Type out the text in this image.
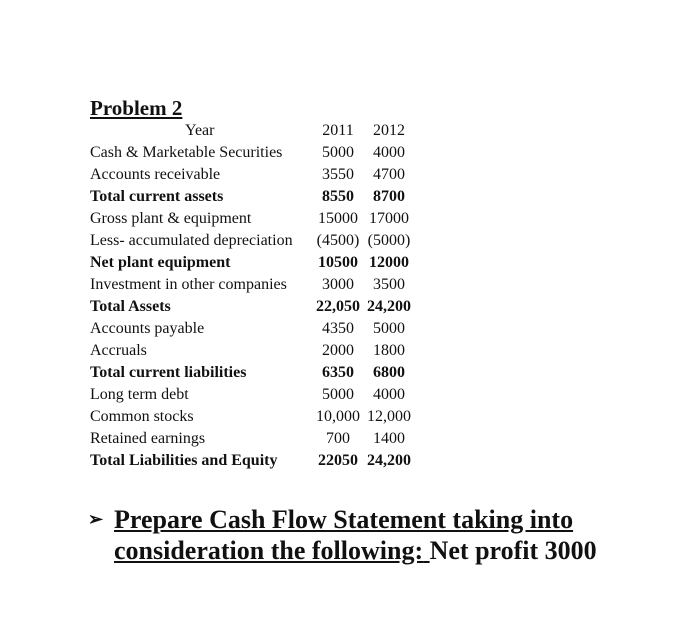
Problem 2
Year	2011	2012
Cash & Marketable Securities	5000	4000
Accounts receivable	3550	4700
Total current assets	8550	8700
Gross plant & equipment	15000 17000
Less- accumulated depreciation (4500) (5000)
Net plant equipment	10500 12000
Investment in other companies	3000	3500
Total Assets	22,050 24,200
Accounts payable	4350	5000
Accruals	2000	1800
Total current liabilities	6350	6800
Long term debt	5000	4000
Common stocks	10,000 12,000
Retained earnings	700	1400
Total Liabilities and Equity	22050 24,200
➢ Prepare Cash Flow Statement taking into
consideration the following: Net profit 3000
